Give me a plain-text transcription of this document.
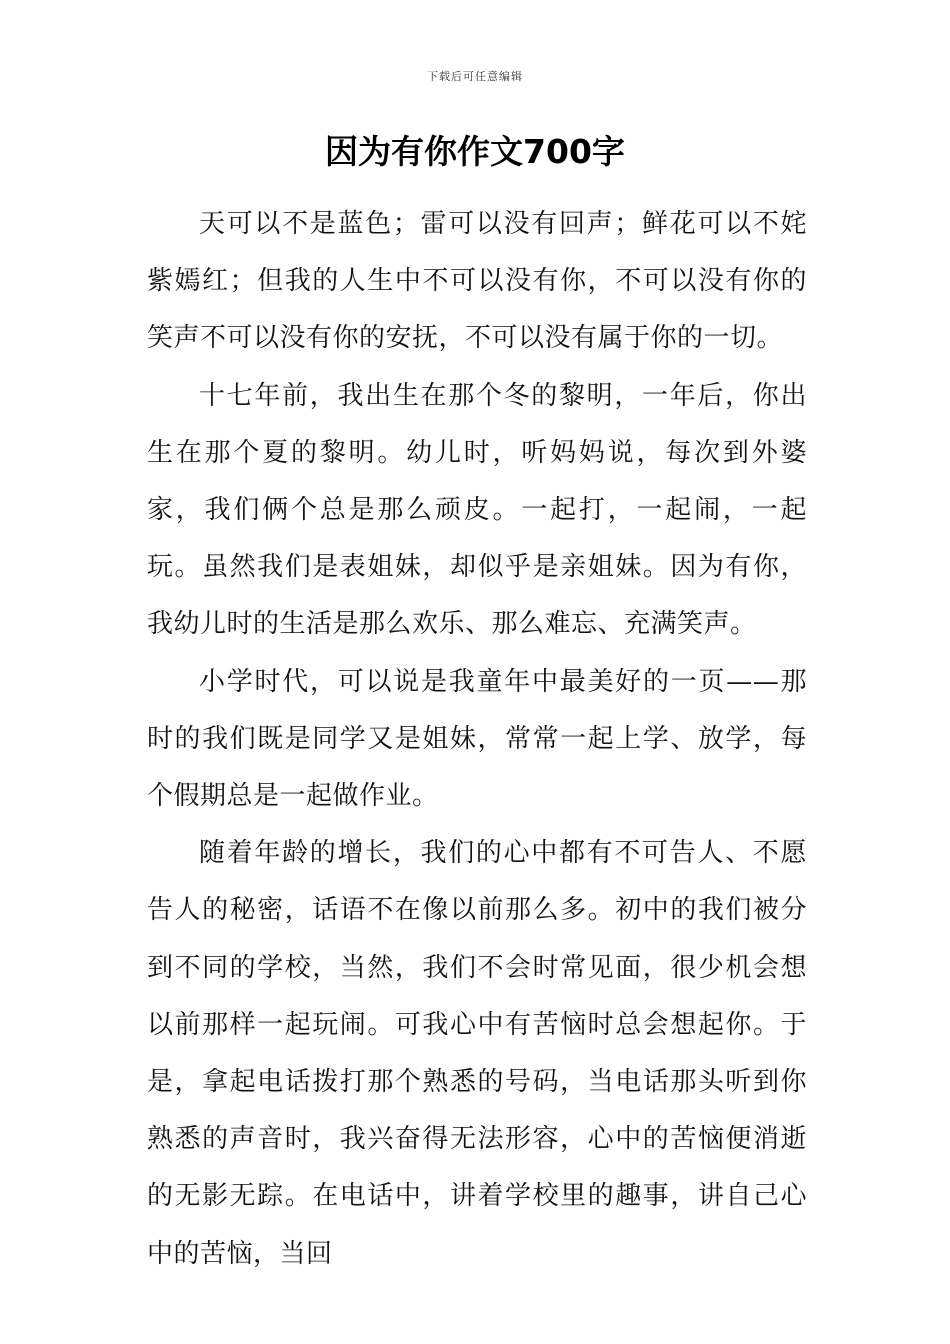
下载后可任意编辑
因为有你作文700字

天可以不是蓝色；雷可以没有回声；鲜花可以不姹紫嫣红；但我的人生中不可以没有你，不可以没有你的笑声不可以没有你的安抚，不可以没有属于你的一切。

十七年前，我出生在那个冬的黎明，一年后，你出生在那个夏的黎明。幼儿时，听妈妈说，每次到外婆家，我们俩个总是那么顽皮。一起打，一起闹，一起玩。虽然我们是表姐妹，却似乎是亲姐妹。因为有你，我幼儿时的生活是那么欢乐、那么难忘、充满笑声。

小学时代，可以说是我童年中最美好的一页——那时的我们既是同学又是姐妹，常常一起上学、放学，每个假期总是一起做作业。

随着年龄的增长，我们的心中都有不可告人、不愿告人的秘密，话语不在像以前那么多。初中的我们被分到不同的学校，当然，我们不会时常见面，很少机会想以前那样一起玩闹。可我心中有苦恼时总会想起你。于是，拿起电话拨打那个熟悉的号码，当电话那头听到你熟悉的声音时，我兴奋得无法形容，心中的苦恼便消逝的无影无踪。在电话中，讲着学校里的趣事，讲自己心中的苦恼，当回
